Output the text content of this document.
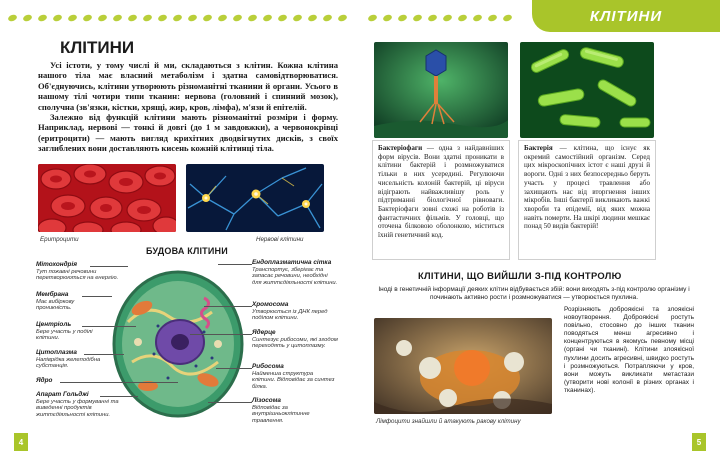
КЛІТИНИ

Усі істоти, у тому числі й ми, складаються з клітин. Кожна клітина нашого тіла має власний метаболізм і здатна самовідтворюватися. Об'єднуючись, клітини утворюють різноманітні тканини й органи. Усього в нашому тілі чотири типи тканин: нервова (головний і спинний мозок), сполучна (зв'язки, кістки, хрящі, жир, кров, лімфа), м'язи й епітелій.

Залежно від функцій клітини мають різноманітні розміри і форму. Наприклад, нервові — тонкі й довгі (до 1 м завдовжки), а червонокрівці (еритроцити) — мають вигляд крихітних дводвігнутих дисків, з своїх заглиблених вони доставляють кисень кожній клітинці тіла.

Еритроцити	Нервові клітини
БУДОВА КЛІТИНИ
Мітохондрія
Тут пожавні речовини перетворюються на енергію.
Мембрана
Має вибіркову проникність.
Центріоль
Бере участь у поділі клітини.
Цитоплазма
Напіврідка желеподібна субстанція.
Ядро
Апарат Гольджі
Бере участь у формуванні та виведенні продуктів життєдіяльності клітини.
Ендоплазматична сітка
Транспортує, зберігає та запасає речовини, необхідні для життєдіяльності клітини.
Хромосома
Утворюється із ДНК перед поділом клітини.
Ядерце
Синтезує рибосоми, які згодом переходять у цитоплазму.
Рибосома
Найменша структура клітини. Відповідає за синтез білка.
Лізосома
Відповідає за внутрішньоклітинне травлення.
4
КЛІТИНИ
Бактеріофаги — одна з найдавніших форм вірусів. Вони здатні проникати в клітини бактерій і розмножуватися тільки в них усередині. Регулюючи чисельність колоній бактерій, ці віруси відіграють найважливішу роль у підтриманні біологічної рівноваги. Бактеріофаги зовні схожі на роботів із фантастичних фільмів. У головці, що оточена білковою оболонкою, міститься їхній генетичний код.
Бактерія — клітина, що існує як окремий самостійний організм. Серед цих мікроскопічних істот є наші друзі й вороги. Одні з них безпосередньо беруть участь у процесі травлення або захищають нас від вторгнення інших мікробів. Інші бактерії викликають важкі хвороби та епідемії, від яких можна навіть померти. На шкірі людини мешкає понад 50 видів бактерій!
КЛІТИНИ, ЩО ВИЙШЛИ З-ПІД КОНТРОЛЮ
Іноді в генетичній інформації деяких клітин відбувається збій: вони виходять з-під контролю організму і починають активно рости і розмножуватися — утворюється пухлина.
Лімфоцити знайшли й атакують ракову клітину
Розрізняють доброякісні та злоякісні новоутворення. Доброякісні ростуть повільно, стосовно до інших тканин поводяться менш агресивно і концентруються в якомусь певному місці (органі чи тканині). Клітини злоякісної пухлини досить агресивні, швидко ростуть і розмножуються. Потрапляючи у кров, вони можуть викликати метастази (утворити нові колонії в різних органах і тканинах).
5
